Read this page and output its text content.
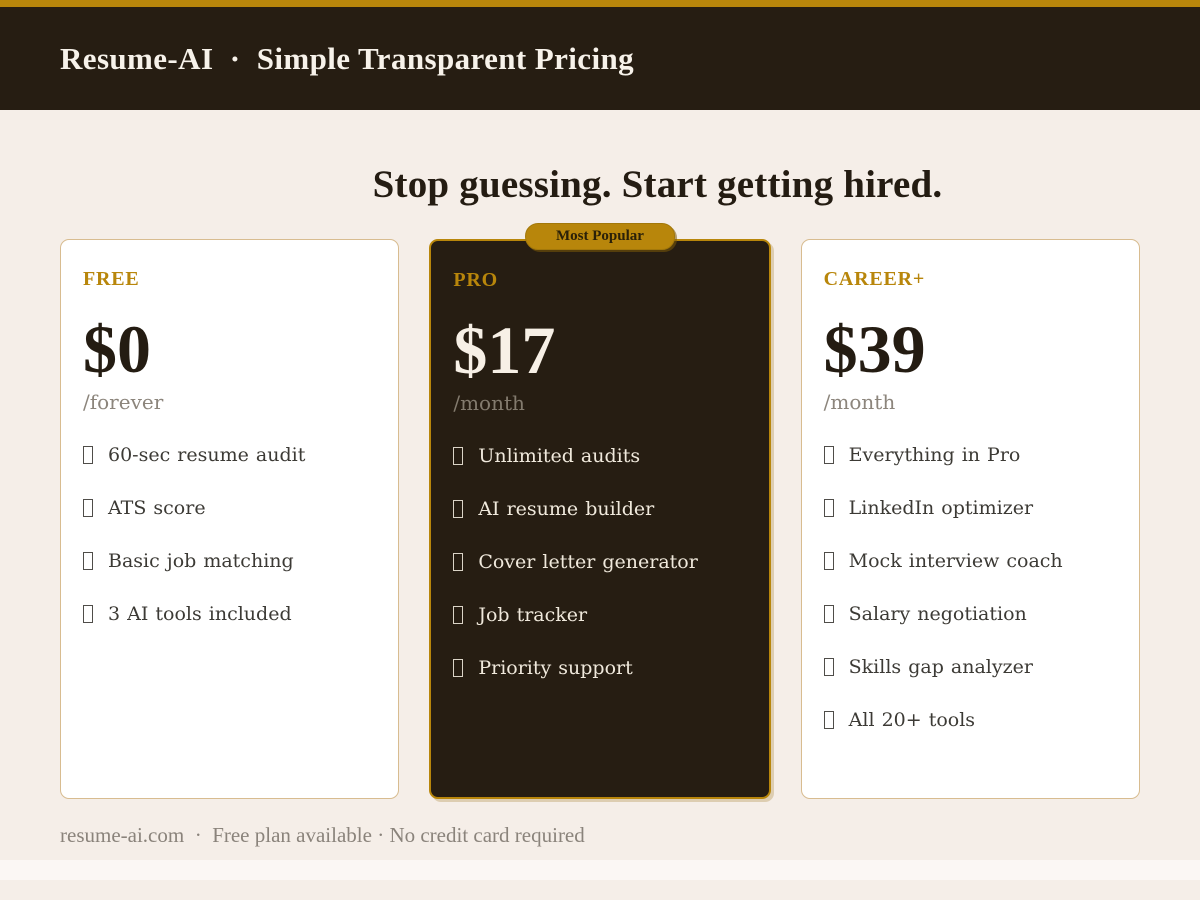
Resume-AI  ·  Simple Transparent Pricing
Stop guessing. Start getting hired.
FREE
$0
/forever
60-sec resume audit
ATS score
Basic job matching
3 AI tools included
Most Popular
PRO
$17
/month
Unlimited audits
AI resume builder
Cover letter generator
Job tracker
Priority support
CAREER+
$39
/month
Everything in Pro
LinkedIn optimizer
Mock interview coach
Salary negotiation
Skills gap analyzer
All 20+ tools
resume-ai.com  ·  Free plan available · No credit card required
